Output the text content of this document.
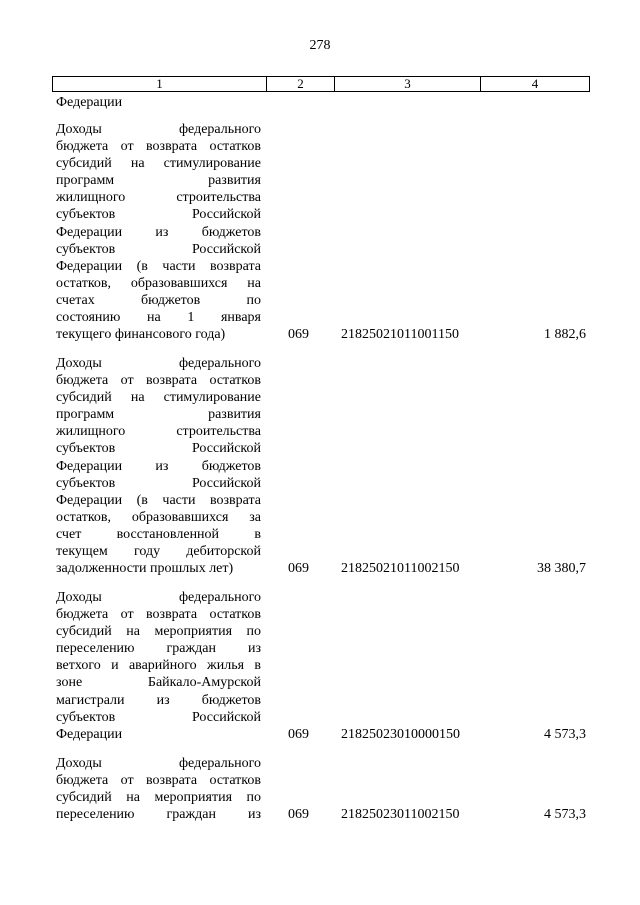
278
1	2	3	4
Федерации
Доходы федерального
бюджета от возврата остатков
субсидий на стимулирование
программ развития
жилищного строительства
субъектов Российской
Федерации из бюджетов
субъектов Российской
Федерации (в части возврата
остатков, образовавшихся на
счетах бюджетов по
состоянию на 1 января
текущего финансового года)	069	21825021011001150	1 882,6
Доходы федерального
бюджета от возврата остатков
субсидий на стимулирование
программ развития
жилищного строительства
субъектов Российской
Федерации из бюджетов
субъектов Российской
Федерации (в части возврата
остатков, образовавшихся за
счет восстановленной в
текущем году дебиторской
задолженности прошлых лет)	069	21825021011002150	38 380,7
Доходы федерального
бюджета от возврата остатков
субсидий на мероприятия по
переселению граждан из
ветхого и аварийного жилья в
зоне Байкало-Амурской
магистрали из бюджетов
субъектов Российской
Федерации	069	21825023010000150	4 573,3
Доходы федерального
бюджета от возврата остатков
субсидий на мероприятия по
переселению граждан из 069	21825023011002150	4 573,3
